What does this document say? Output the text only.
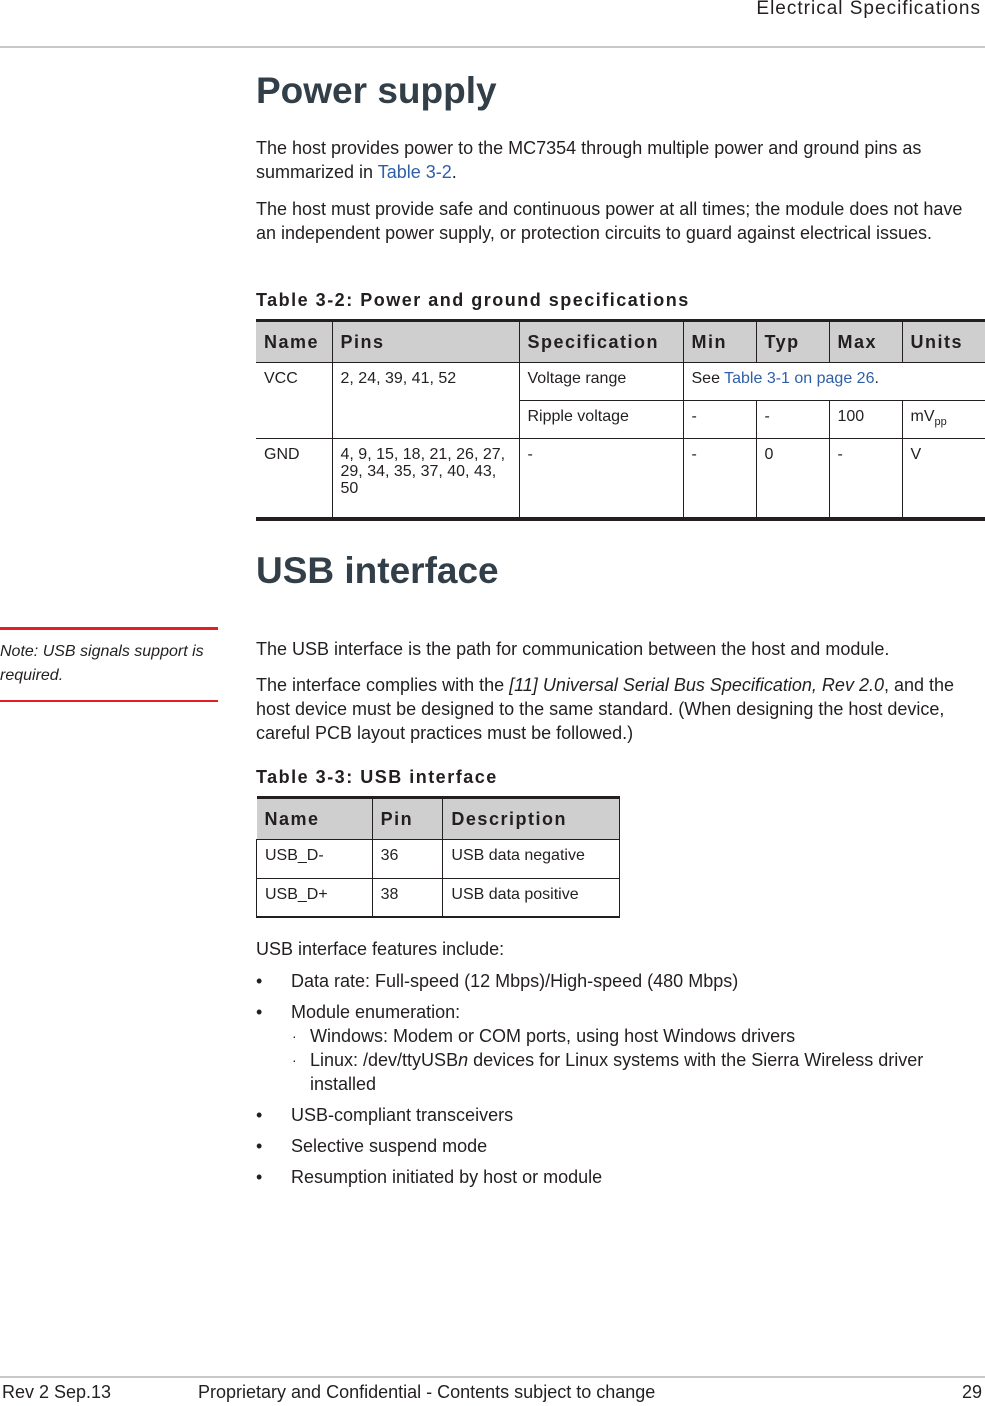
Electrical Specifications
Power supply

The host provides power to the MC7354 through multiple power and ground pins as summarized in Table 3-2.

The host must provide safe and continuous power at all times; the module does not have an independent power supply, or protection circuits to guard against electrical issues.

Table 3-2: Power and ground specifications

Name	Pins	Specification	Min	Typ	Max	Units
VCC	2, 24, 39, 41, 52	Voltage range	See Table 3-1 on page 26.			
		Ripple voltage	-	-	100	$mV_{pp}$
GND	4, 9, 15, 18, 21, 26, 27, 29, 34, 35, 37, 40, 43, 50	-	-	0	-	V
USB interface
Note: USB signals support is required.

The USB interface is the path for communication between the host and module.

The interface complies with the [11] Universal Serial Bus Specification, Rev 2.0, and the host device must be designed to the same standard. (When designing the host device, careful PCB layout practices must be followed.)

Table 3-3: USB interface

Name	Pin	Description
USB_D-	36	USB data negative
USB_D+	38	USB data positive

USB interface features include:

• Data rate: Full-speed (12 Mbps)/High-speed (480 Mbps)
• Module enumeration:
· Windows: Modem or COM ports, using host Windows drivers
· Linux: /dev/ttyUSBn devices for Linux systems with the Sierra Wireless driver installed
• USB-compliant transceivers
• Selective suspend mode
• Resumption initiated by host or module
Rev 2 Sep.13	Proprietary and Confidential - Contents subject to change	29
